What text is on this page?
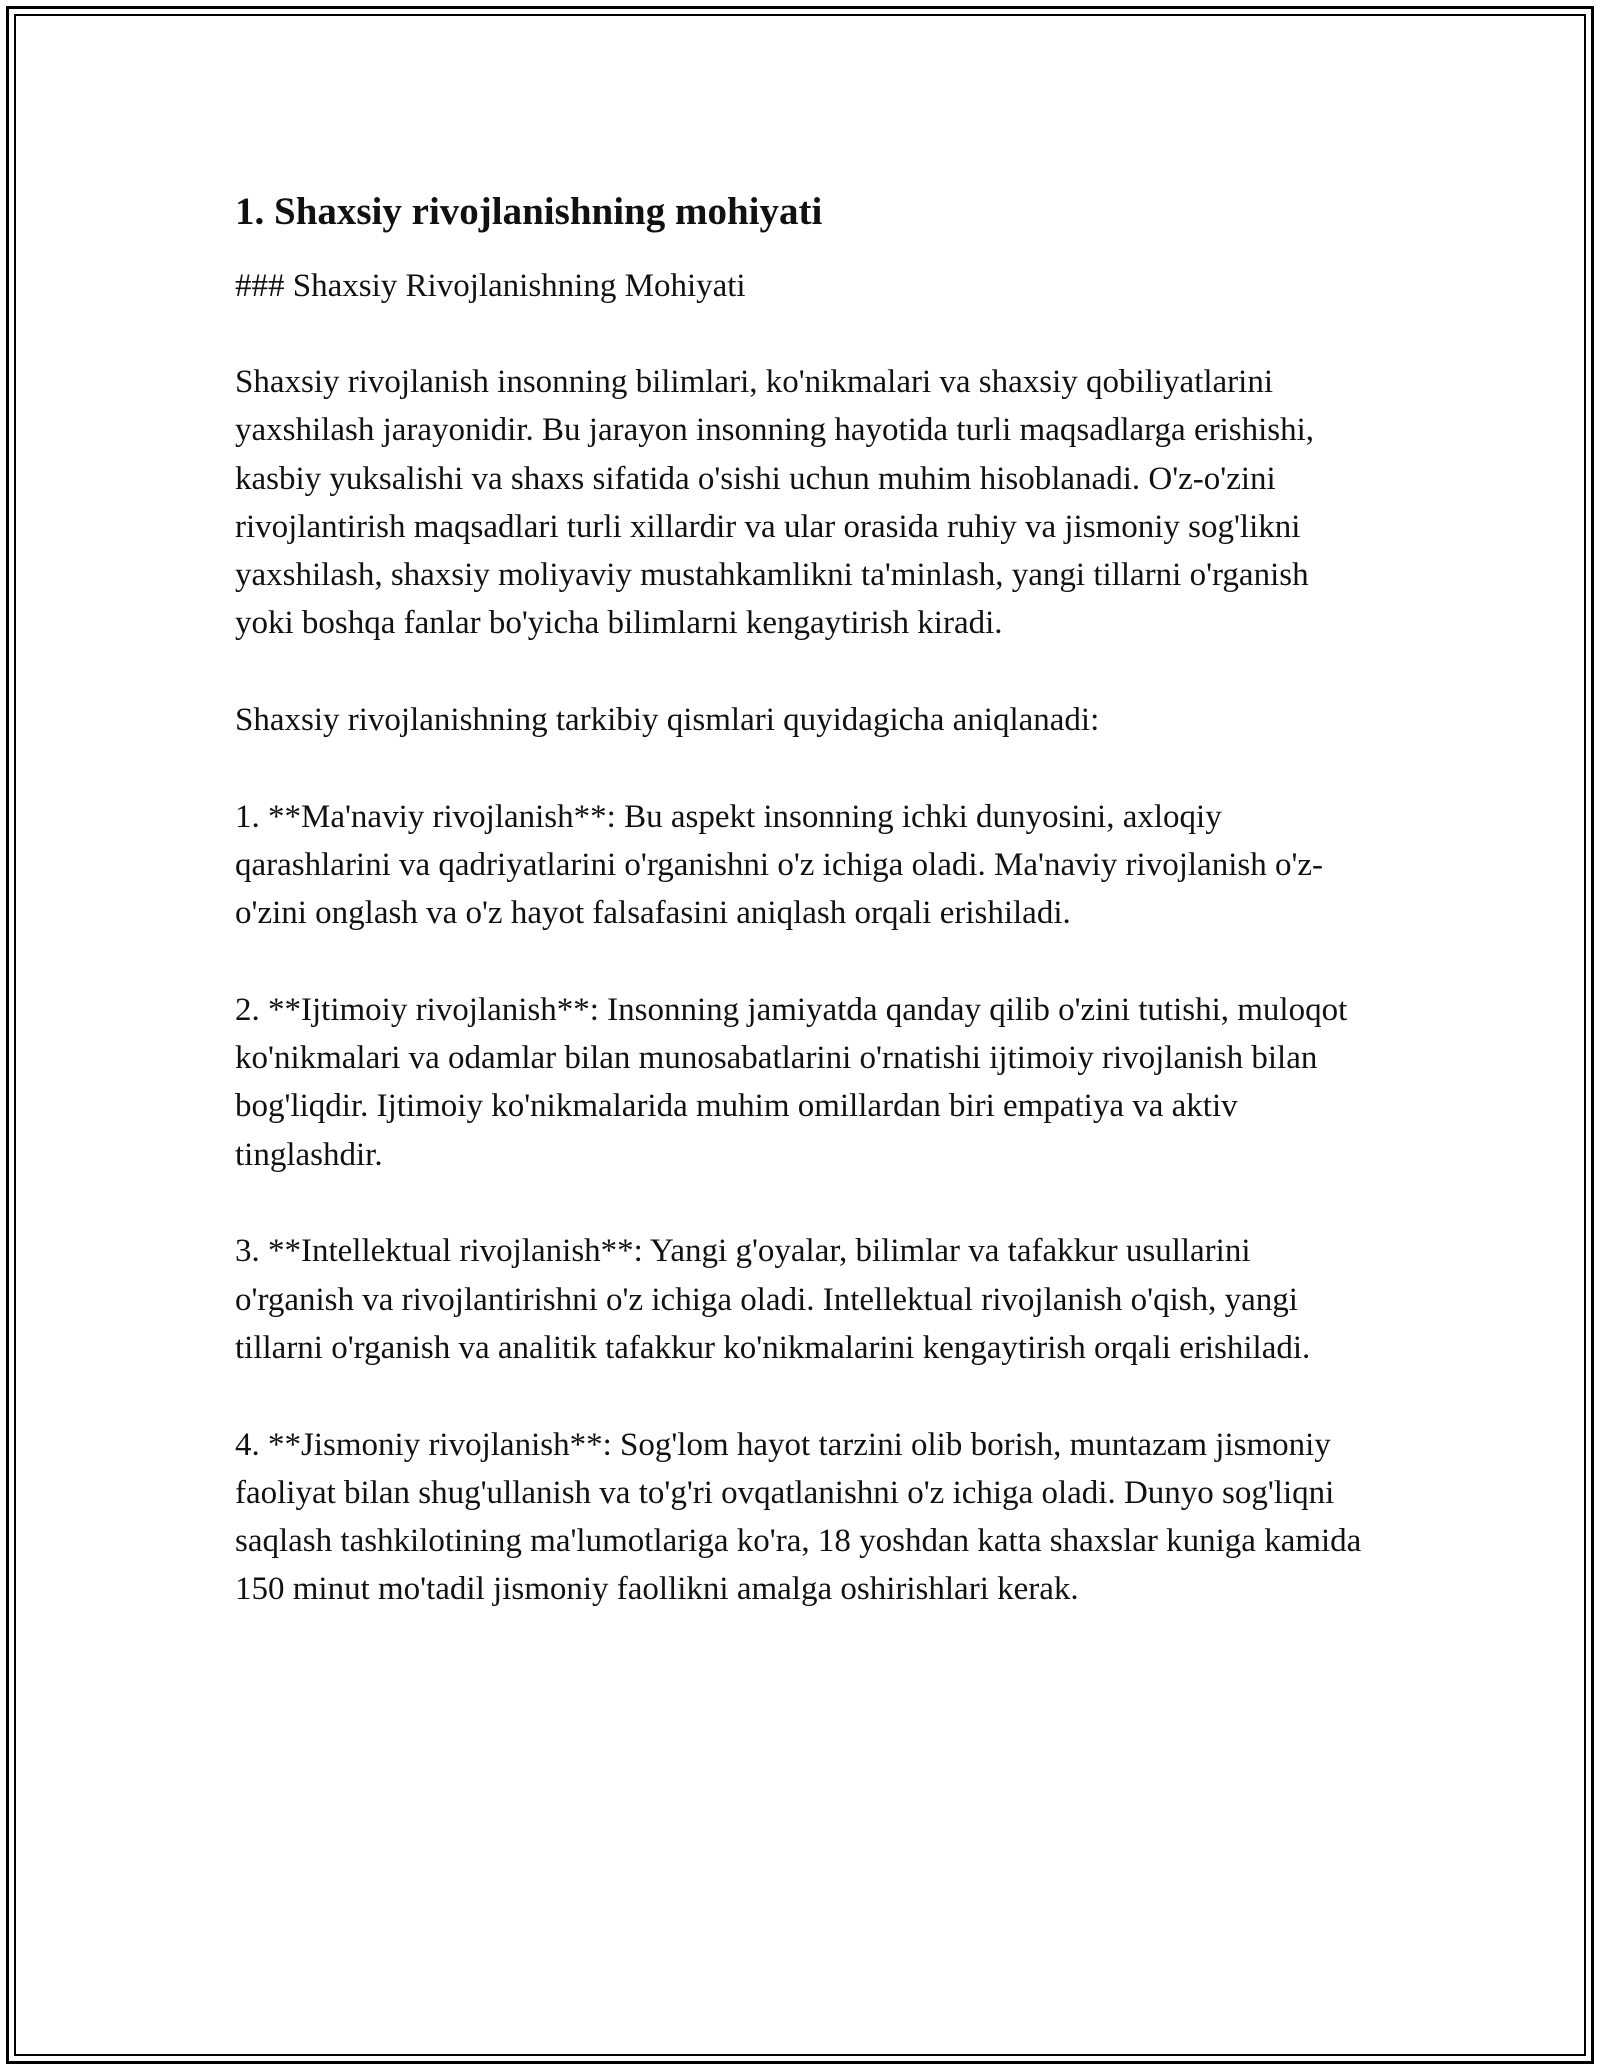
1. Shaxsiy rivojlanishning mohiyati

### Shaxsiy Rivojlanishning Mohiyati

Shaxsiy rivojlanish insonning bilimlari, ko'nikmalari va shaxsiy qobiliyatlarini yaxshilash jarayonidir. Bu jarayon insonning hayotida turli maqsadlarga erishishi, kasbiy yuksalishi va shaxs sifatida o'sishi uchun muhim hisoblanadi. O'z-o'zini rivojlantirish maqsadlari turli xillardir va ular orasida ruhiy va jismoniy sog'likni yaxshilash, shaxsiy moliyaviy mustahkamlikni ta'minlash, yangi tillarni o'rganish yoki boshqa fanlar bo'yicha bilimlarni kengaytirish kiradi.

Shaxsiy rivojlanishning tarkibiy qismlari quyidagicha aniqlanadi:

1. **Ma'naviy rivojlanish**: Bu aspekt insonning ichki dunyosini, axloqiy qarashlarini va qadriyatlarini o'rganishni o'z ichiga oladi. Ma'naviy rivojlanish o'z-o'zini onglash va o'z hayot falsafasini aniqlash orqali erishiladi.

2. **Ijtimoiy rivojlanish**: Insonning jamiyatda qanday qilib o'zini tutishi, muloqot ko'nikmalari va odamlar bilan munosabatlarini o'rnatishi ijtimoiy rivojlanish bilan bog'liqdir. Ijtimoiy ko'nikmalarida muhim omillardan biri empatiya va aktiv tinglashdir.

3. **Intellektual rivojlanish**: Yangi g'oyalar, bilimlar va tafakkur usullarini o'rganish va rivojlantirishni o'z ichiga oladi. Intellektual rivojlanish o'qish, yangi tillarni o'rganish va analitik tafakkur ko'nikmalarini kengaytirish orqali erishiladi.

4. **Jismoniy rivojlanish**: Sog'lom hayot tarzini olib borish, muntazam jismoniy faoliyat bilan shug'ullanish va to'g'ri ovqatlanishni o'z ichiga oladi. Dunyo sog'liqni saqlash tashkilotining ma'lumotlariga ko'ra, 18 yoshdan katta shaxslar kuniga kamida 150 minut mo'tadil jismoniy faollikni amalga oshirishlari kerak.
